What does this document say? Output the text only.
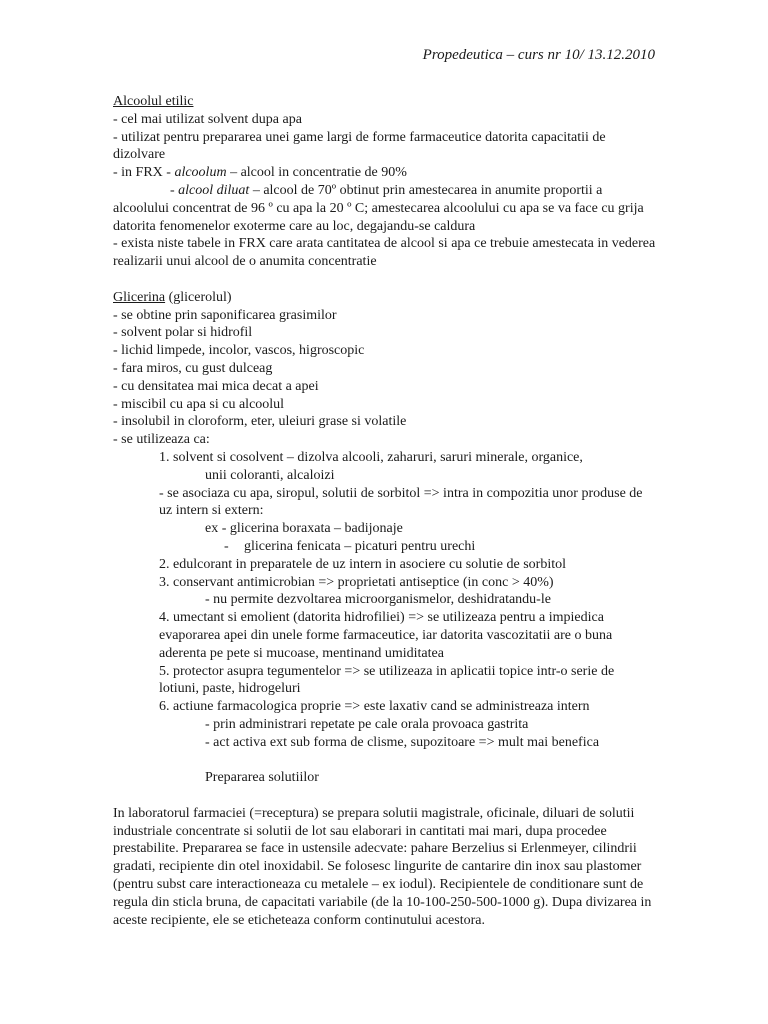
Propedeutica – curs nr 10/ 13.12.2010
Alcoolul etilic
- cel mai utilizat solvent dupa apa
- utilizat pentru prepararea unei game largi de forme farmaceutice datorita capacitatii de dizolvare
- in FRX - alcoolum – alcool in concentratie de 90%
- alcool diluat – alcool de 70º obtinut prin amestecarea in anumite proportii a alcoolului concentrat de 96 º cu apa la 20 º C; amestecarea alcoolului cu apa se va face cu grija datorita fenomenelor exoterme care au loc, degajandu-se caldura
- exista niste tabele in FRX care arata cantitatea de alcool si apa ce trebuie amestecata in vederea realizarii unui alcool de o anumita concentratie
Glicerina (glicerolul)
- se obtine prin saponificarea grasimilor
- solvent polar si hidrofil
- lichid limpede, incolor, vascos, higroscopic
- fara miros, cu gust dulceag
- cu densitatea mai mica decat a apei
- miscibil cu apa si cu alcoolul
- insolubil in cloroform, eter, uleiuri grase si volatile
- se utilizeaza ca:
1. solvent si cosolvent – dizolva alcooli, zaharuri, saruri minerale, organice,
unii coloranti, alcaloizi
- se asociaza cu apa, siropul, solutii de sorbitol => intra in compozitia unor produse de uz intern si extern:
ex - glicerina boraxata – badijonaje
- glicerina fenicata – picaturi pentru urechi
2. edulcorant in preparatele de uz intern in asociere cu solutie de sorbitol
3. conservant antimicrobian => proprietati antiseptice (in conc > 40%)
- nu permite dezvoltarea microorganismelor, deshidratandu-le
4. umectant si emolient (datorita hidrofiliei) => se utilizeaza pentru a impiedica evaporarea apei din unele forme farmaceutice, iar datorita vascozitatii are o buna aderenta pe pete si mucoase, mentinand umiditatea
5. protector asupra tegumentelor => se utilizeaza in aplicatii topice intr-o serie de lotiuni, paste, hidrogeluri
6. actiune farmacologica proprie => este laxativ cand se administreaza intern
- prin administrari repetate pe cale orala provoaca gastrita
- act activa ext sub forma de clisme, supozitoare => mult mai benefica
Prepararea solutiilor
In laboratorul farmaciei (=receptura) se prepara solutii magistrale, oficinale, diluari de solutii industriale concentrate si solutii de lot sau elaborari in cantitati mai mari, dupa procedee prestabilite. Prepararea se face in ustensile adecvate: pahare Berzelius si Erlenmeyer, cilindrii gradati, recipiente din otel inoxidabil. Se folosesc lingurite de cantarire din inox sau plastomer (pentru subst care interactioneaza cu metalele – ex iodul). Recipientele de conditionare sunt de regula din sticla bruna, de capacitati variabile (de la 10-100-250-500-1000 g). Dupa divizarea in aceste recipiente, ele se eticheteaza conform continutului acestora.
